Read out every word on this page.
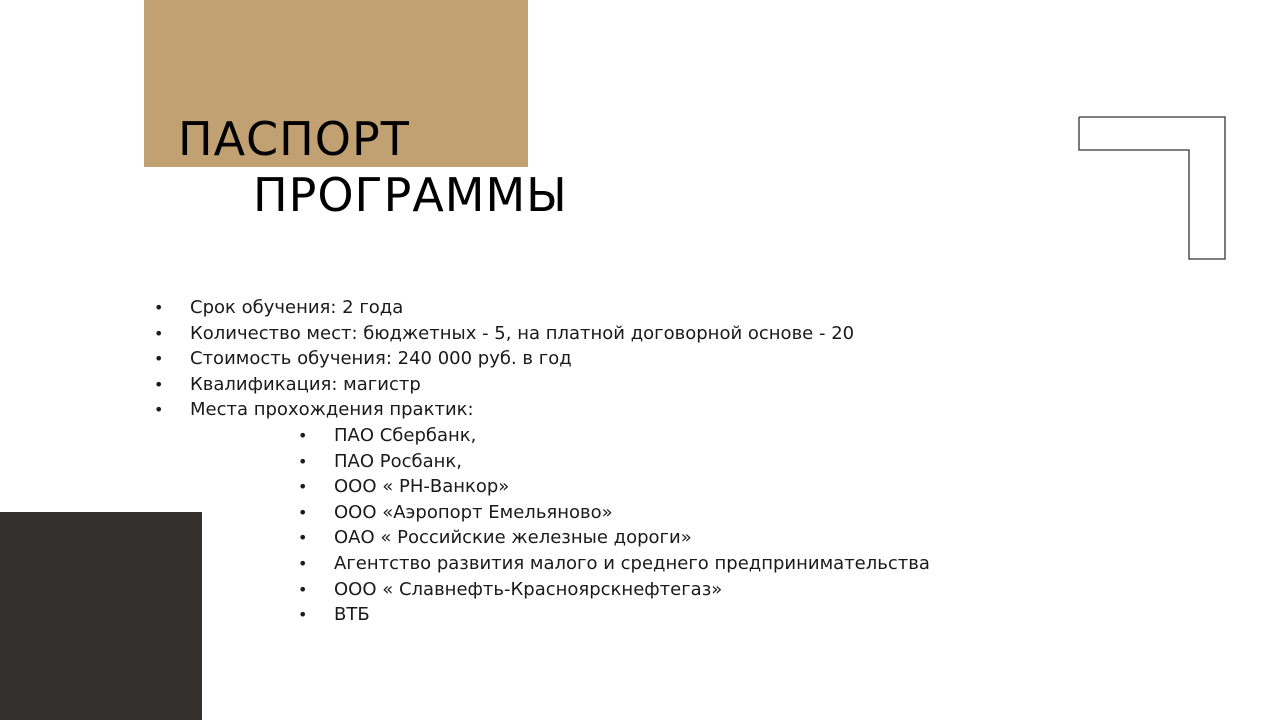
ПАСПОРТ
ПРОГРАММЫ
• Срок обучения: 2 года
• Количество мест: бюджетных - 5, на платной договорной основе - 20
• Стоимость обучения: 240 000 руб. в год
• Квалификация: магистр
• Места прохождения практик:
• ПАО Сбербанк,
• ПАО Росбанк,
• ООО « РН-Ванкор»
• ООО «Аэропорт Емельяново»
• ОАО « Российские железные дороги»
• Агентство развития малого и среднего предпринимательства
• ООО « Славнефть-Красноярскнефтегаз»
• ВТБ
